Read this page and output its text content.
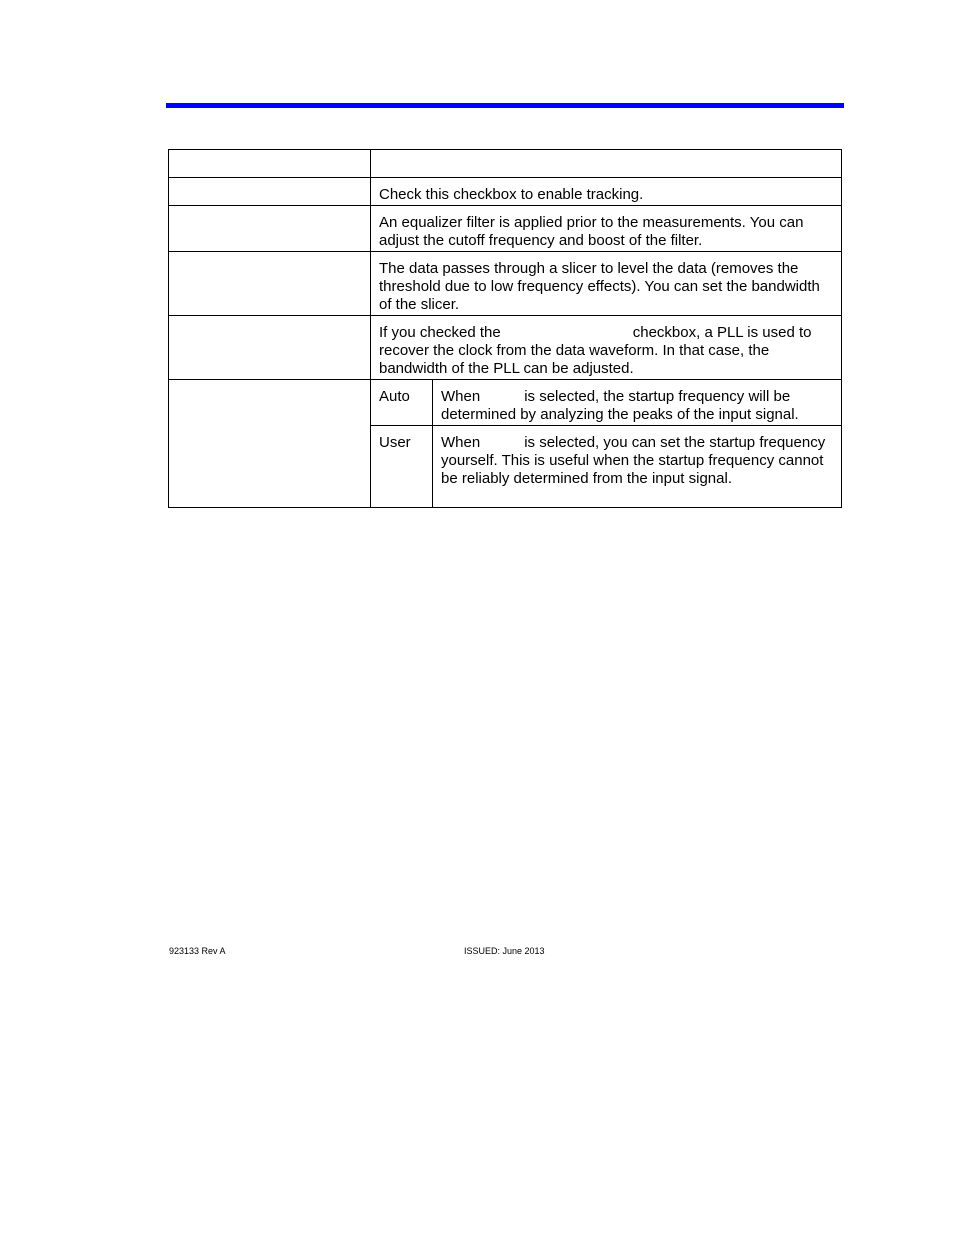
	Check this checkbox to enable tracking.	

	An equalizer filter is applied prior to the measurements. You can adjust the cutoff frequency and boost of the filter.	

	The data passes through a slicer to level the data (removes the threshold due to low frequency effects). You can set the bandwidth of the slicer.	

	If you checked the checkbox, a PLL is used to recover the clock from the data waveform. In that case, the bandwidth of the PLL can be adjusted.	

	Auto	When is selected, the startup frequency will be determined by analyzing the peaks of the input signal.

	User	When is selected, you can set the startup frequency yourself. This is useful when the startup frequency cannot be reliably determined from the input signal.
923133 Rev A	ISSUED: June 2013
